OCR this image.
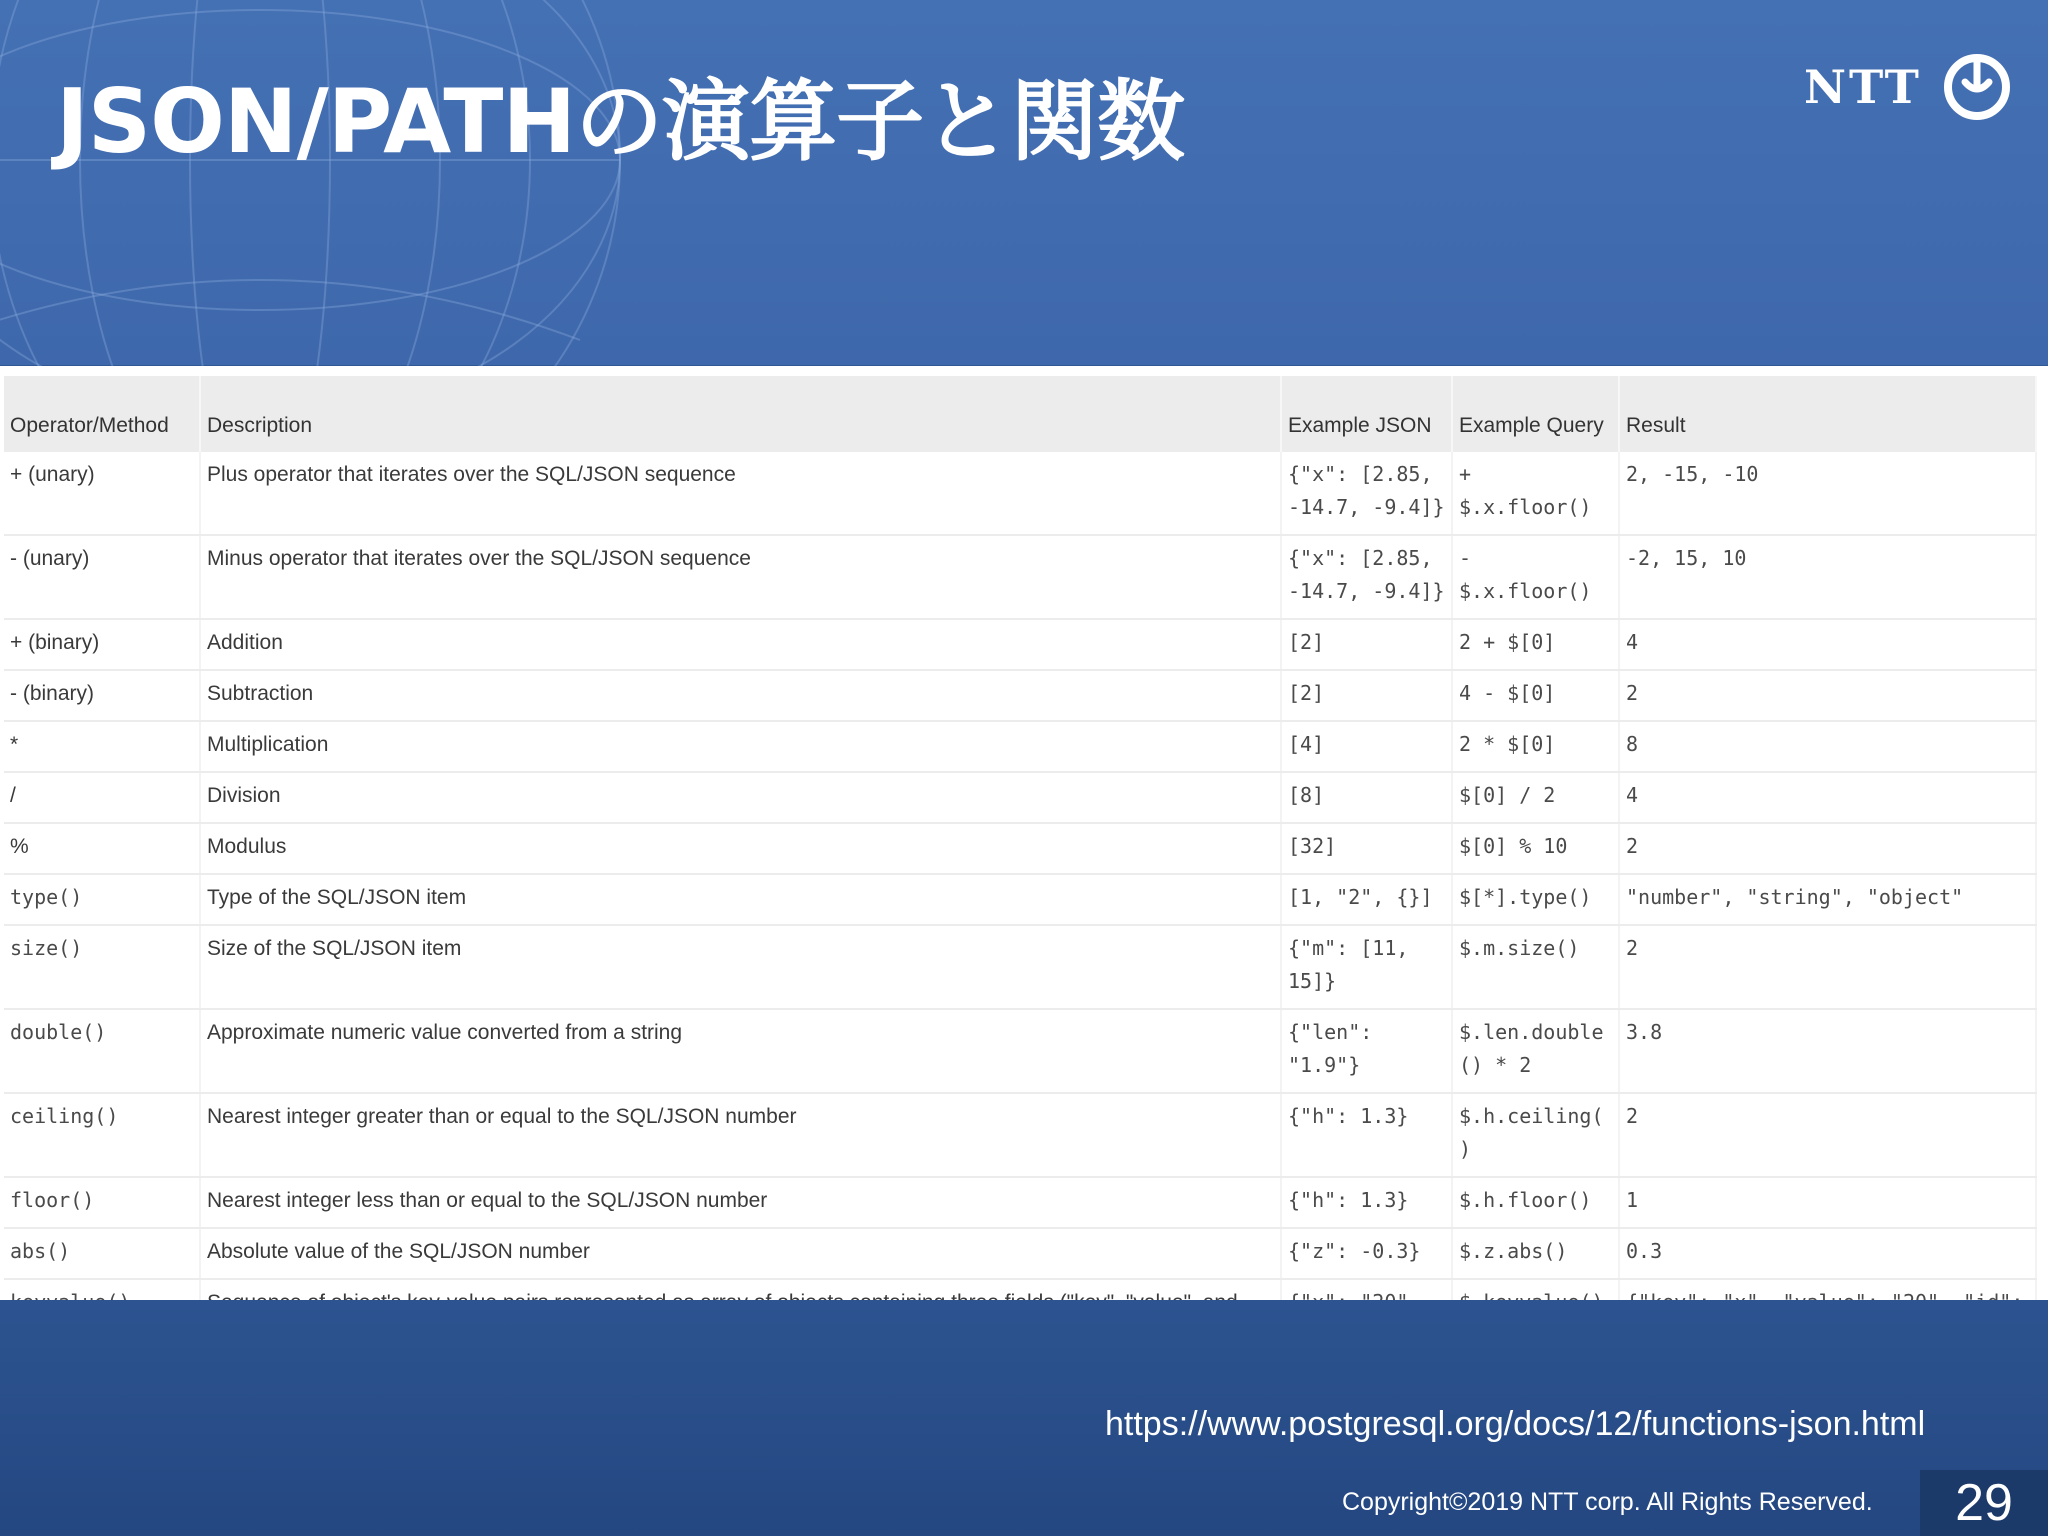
JSON/PATHの演算子と関数	NTT
Operator/Method	Description	Example JSON	Example Query	Result
+ (unary)	Plus operator that iterates over the SQL/JSON sequence	{"x": [2.85, -14.7, -9.4]}	+ $.x.floor()	2, -15, -10
- (unary)	Minus operator that iterates over the SQL/JSON sequence	{"x": [2.85, -14.7, -9.4]}	- $.x.floor()	-2, 15, 10
+ (binary)	Addition	[2]	2 + $[0]	4
- (binary)	Subtraction	[2]	4 - $[0]	2
*	Multiplication	[4]	2 * $[0]	8
/	Division	[8]	$[0] / 2	4
%	Modulus	[32]	$[0] % 10	2
type()	Type of the SQL/JSON item	[1, "2", {}]	$[*].type()	"number", "string", "object"
size()	Size of the SQL/JSON item	{"m": [11, 15]}	$.m.size()	2
double()	Approximate numeric value converted from a string	{"len": "1.9"}	$.len.double() * 2	3.8
ceiling()	Nearest integer greater than or equal to the SQL/JSON number	{"h": 1.3}	$.h.ceiling()	2
floor()	Nearest integer less than or equal to the SQL/JSON number	{"h": 1.3}	$.h.floor()	1
abs()	Absolute value of the SQL/JSON number	{"z": -0.3}	$.z.abs()	0.3

https://www.postgresql.org/docs/12/functions-json.html
Copyright©2019 NTT corp. All Rights Reserved.	29
